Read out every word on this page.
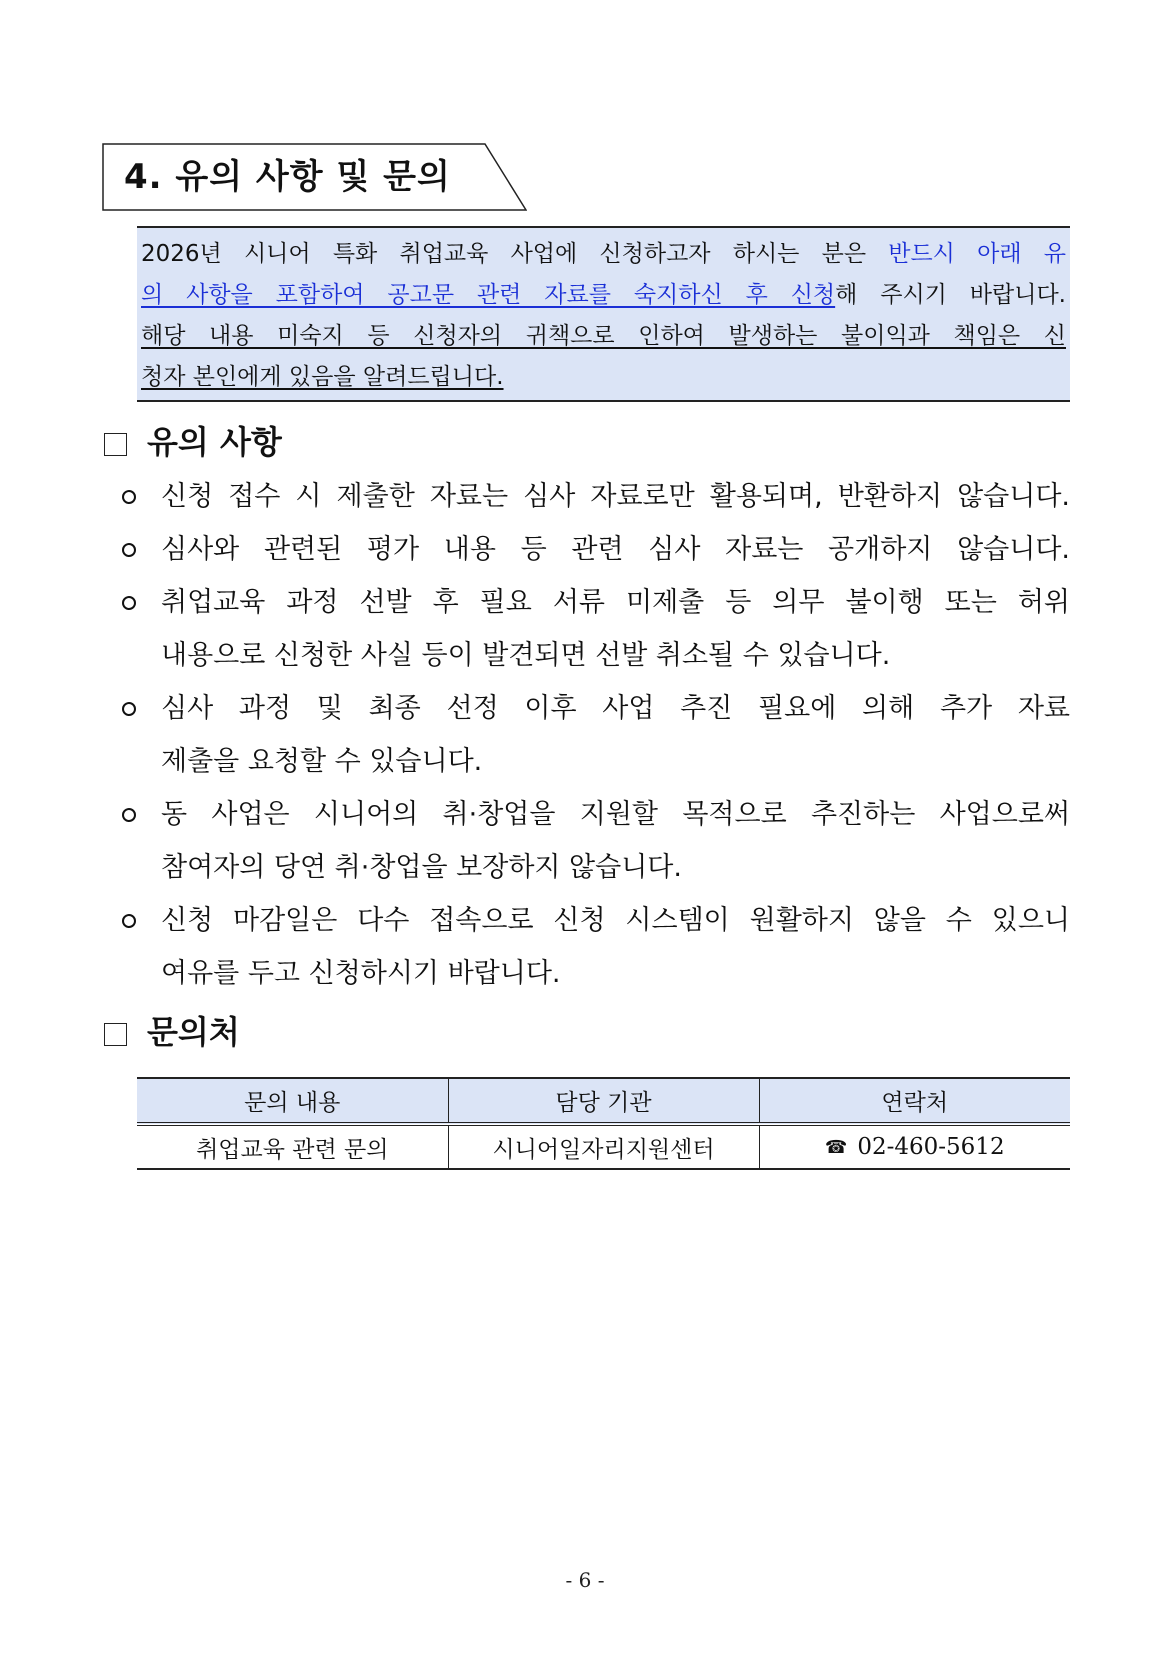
4. 유의 사항 및 문의
2026년 시니어 특화 취업교육 사업에 신청하고자 하시는 분은 반드시 아래 유
의 사항을 포함하여 공고문 관련 자료를 숙지하신 후 신청해 주시기 바랍니다.
해당 내용 미숙지 등 신청자의 귀책으로 인하여 발생하는 불이익과 책임은 신
청자 본인에게 있음을 알려드립니다.
유의 사항
신청 접수 시 제출한 자료는 심사 자료로만 활용되며, 반환하지 않습니다.
심사와 관련된 평가 내용 등 관련 심사 자료는 공개하지 않습니다.
취업교육 과정 선발 후 필요 서류 미제출 등 의무 불이행 또는 허위
내용으로 신청한 사실 등이 발견되면 선발 취소될 수 있습니다.
심사 과정 및 최종 선정 이후 사업 추진 필요에 의해 추가 자료
제출을 요청할 수 있습니다.
동 사업은 시니어의 취·창업을 지원할 목적으로 추진하는 사업으로써
참여자의 당연 취·창업을 보장하지 않습니다.
신청 마감일은 다수 접속으로 신청 시스템이 원활하지 않을 수 있으니
여유를 두고 신청하시기 바랍니다.
문의처
문의 내용	담당 기관	연락처
취업교육 관련 문의	시니어일자리지원센터	☎ 02-460-5612
- 6 -
